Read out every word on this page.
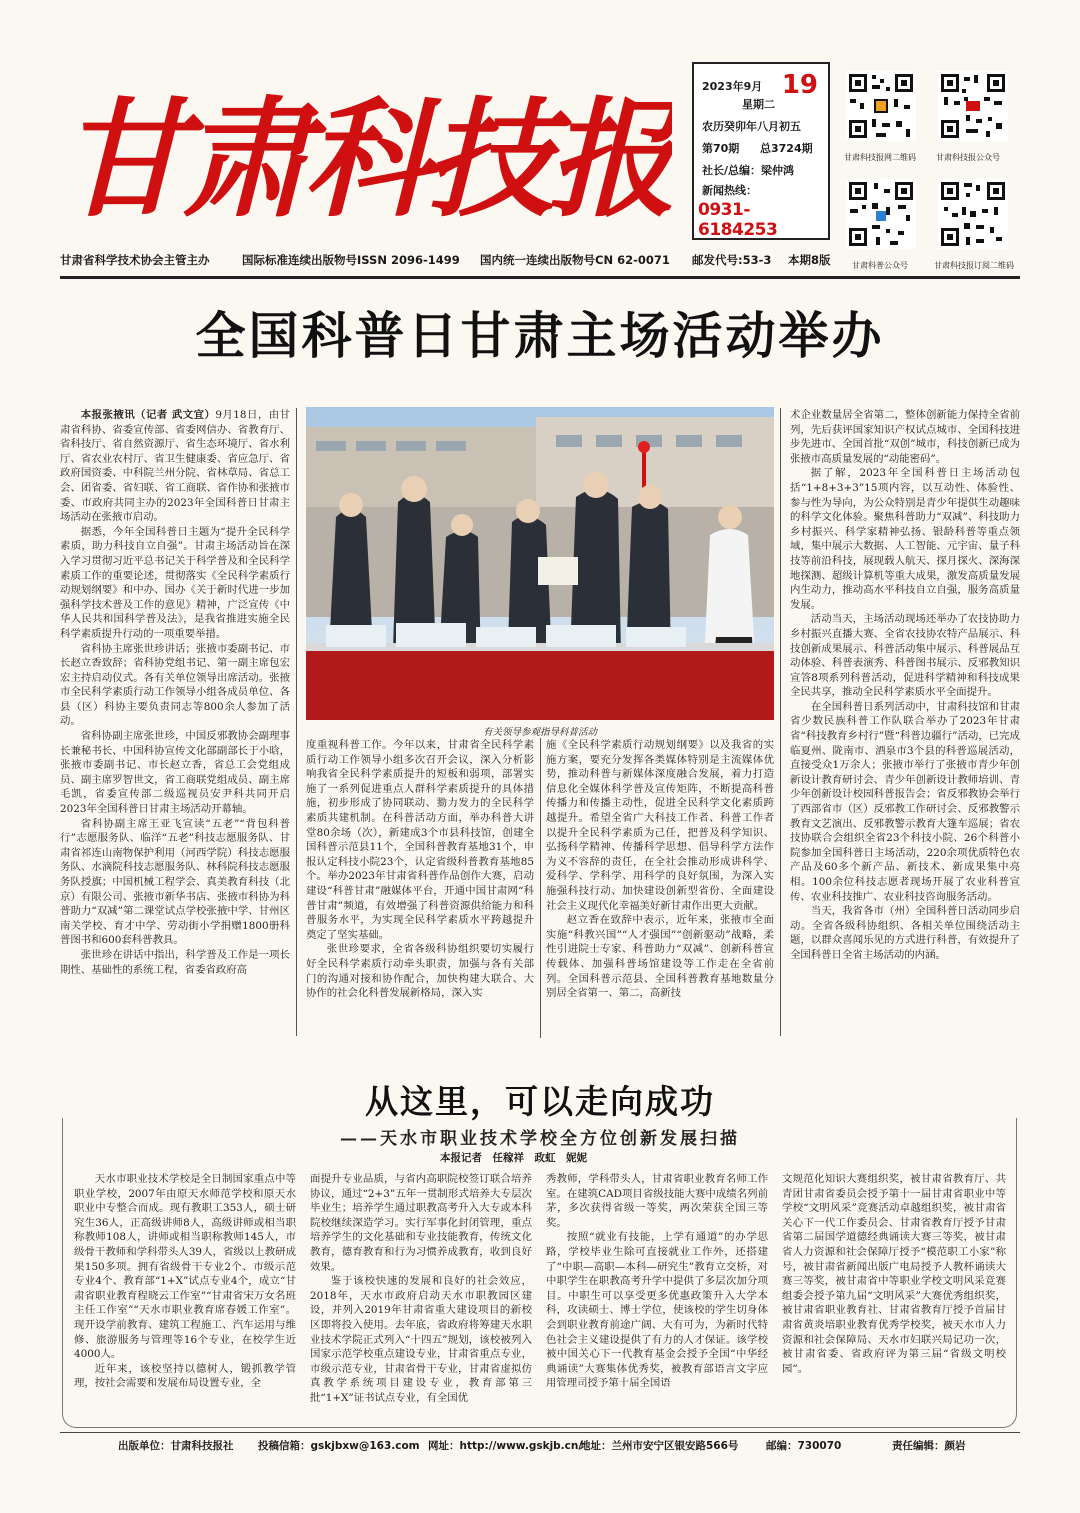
甘肃科技报	2023年9月 19
星期二
农历癸卯年八月初五
第70期 总3724期
社长/总编：梁仲鸿
新闻热线：
0931-6184253
甘肃科技报网二维码	甘肃科技报公众号
甘肃科普公众号	甘肃科技报订阅二维码
甘肃省科学技术协会主管主办	国际标准连续出版物号ISSN 2096-1499 国内统一连续出版物号CN 62-0071 邮发代号:53-3 本期8版
全国科普日甘肃主场活动举办

本报张掖讯（记者 武文宜）9月18日，由甘肃省科协、省委宣传部、省委网信办、省教育厅、省科技厅、省自然资源厅、省生态环境厅、省水利厅、省农业农村厅、省卫生健康委、省应急厅、省政府国资委、中科院兰州分院、省林草局、省总工会、团省委、省妇联、省工商联、省作协和张掖市委、市政府共同主办的2023年全国科普日甘肃主场活动在张掖市启动。

据悉，今年全国科普日主题为“提升全民科学素质，助力科技自立自强”。甘肃主场活动旨在深入学习贯彻习近平总书记关于科学普及和全民科学素质工作的重要论述，贯彻落实《全民科学素质行动规划纲要》和中办、国办《关于新时代进一步加强科学技术普及工作的意见》精神，广泛宣传《中华人民共和国科学普及法》，是我省推进实施全民科学素质提升行动的一项重要举措。

省科协主席张世珍讲话；张掖市委副书记、市长赵立香致辞；省科协党组书记、第一副主席包宏宏主持启动仪式。各有关单位领导出席活动。张掖市全民科学素质行动工作领导小组各成员单位、各县（区）科协主要负责同志等800余人参加了活动。

省科协副主席张世珍，中国反邪教协会副理事长兼秘书长、中国科协宣传文化部副部长于小晗，张掖市委副书记、市长赵立香，省总工会党组成员、副主席罗智世文，省工商联党组成员、副主席毛凯，省委宣传部二级巡视员安尹科共同开启2023年全国科普日甘肃主场活动开幕轴。

省科协副主席王亚飞宣读“五老”“背包科普行”志愿服务队、临洋“五老”科技志愿服务队、甘肃省祁连山南物保护利用（河西学院）科技志愿服务队、水滴院科技志愿服务队、林科院科技志愿服务队授旗；中国机械工程学会、真美教育科技（北京）有限公司、张掖市新华书店、张掖市科协为科普助力“双减”第二课堂试点学校张掖中学、甘州区南关学校、育才中学、劳动街小学捐赠1800册科普图书和600套科普教具。

张世珍在讲话中指出，科学普及工作是一项长期性、基础性的系统工程，省委省政府高

有关领导参观指导科普活动

度重视科普工作。今年以来，甘肃省全民科学素质行动工作领导小组多次召开会议，深入分析影响我省全民科学素质提升的短板和弱项，部署实施了一系列促进重点人群科学素质提升的具体措施，初步形成了协同联动、勠力发力的全民科学素质共建机制。在科普活动方面，举办科普大讲堂80余场（次），新建成3个市县科技馆，创建全国科普示范县11个，全国科普教育基地31个，申报认定科技小院23个，认定省级科普教育基地85个。举办2023年甘肃省科普作品创作大赛，启动建设“科普甘肃”融媒体平台，开通中国甘肃网“科普甘肃”频道，有效增强了科普资源供给能力和科普服务水平，为实现全民科学素质水平跨越提升奠定了坚实基础。

张世珍要求，全省各级科协组织要切实履行好全民科学素质行动牵头职责，加强与各有关部门的沟通对接和协作配合，加快构建大联合、大协作的社会化科普发展新格局，深入实

施《全民科学素质行动规划纲要》以及我省的实施方案，要充分发挥各类媒体特别是主流媒体优势，推动科普与新媒体深度融合发展，着力打造信息化全媒体科学普及宣传矩阵，不断提高科普传播力和传播主动性，促进全民科学文化素质跨越提升。希望全省广大科技工作者、科普工作者以提升全民科学素质为己任，把普及科学知识、弘扬科学精神、传播科学思想、倡导科学方法作为义不容辞的责任，在全社会推动形成讲科学、爱科学、学科学、用科学的良好氛围，为深入实施强科技行动、加快建设创新型省份、全面建设社会主义现代化幸福美好新甘肃作出更大贡献。

赵立香在致辞中表示，近年来，张掖市全面实施“科教兴国”“人才强国”“创新驱动”战略，柔性引进院士专家、科普助力“双减”、创新科普宣传载体、加强科普场馆建设等工作走在全省前列。全国科普示范县、全国科普教育基地数量分别居全省第一、第二，高新技

术企业数量居全省第二，整体创新能力保持全省前列，先后获评国家知识产权试点城市、全国科技进步先进市、全国首批“双创”城市，科技创新已成为张掖市高质量发展的“动能密码”。

据了解，2023年全国科普日主场活动包括“1+8+3+3”15项内容，以互动性、体验性、参与性为导向，为公众特别是青少年提供生动趣味的科学文化体验。聚焦科普助力“双减”、科技助力乡村振兴、科学家精神弘扬、银龄科普等重点领域，集中展示大数据、人工智能、元宇宙、量子科技等前沿科技，展现载人航天、探月探火、深海深地探测、超级计算机等重大成果，激发高质量发展内生动力，推动高水平科技自立自强，服务高质量发展。

活动当天，主场活动现场还举办了农技协助力乡村振兴直播大赛、全省农技协农特产品展示、科技创新成果展示、科普活动集中展示、科普展品互动体验、科普表演秀、科普图书展示、反邪教知识宣答8项系列科普活动，促进科学精神和科技成果全民共享，推动全民科学素质水平全面提升。

在全国科普日系列活动中，甘肃科技馆和甘肃省少数民族科普工作队联合举办了2023年甘肃省“科技教育乡村行”暨“科普边疆行”活动，已完成临夏州、陇南市、酒泉市3个县的科普巡展活动，直接受众1万余人；张掖市举行了张掖市青少年创新设计教育研讨会、青少年创新设计教师培训、青少年创新设计校园科普报告会；省反邪教协会举行了西部省市（区）反邪教工作研讨会、反邪教警示教育文艺演出、反邪教警示教育大篷车巡展；省农技协联合会组织全省23个科技小院、26个科普小院参加全国科普日主场活动，220余项优质特色农产品及60多个新产品、新技术、新成果集中亮相。100余位科技志愿者现场开展了农业科普宣传、农业科技推广、农业科技咨询服务活动。

当天，我省各市（州）全国科普日活动同步启动。全省各级科协组织、各相关单位围绕活动主题，以群众喜闻乐见的方式进行科普，有效提升了全国科普日全省主场活动的内涵。

从这里，可以走向成功
——天水市职业技术学校全方位创新发展扫描
本报记者　任稼祥　政虹　妮妮

天水市职业技术学校是全日制国家重点中等职业学校，2007年由原天水师范学校和原天水职业中专整合而成。现有教职工353人，硕士研究生36人，正高级讲师8人，高级讲师或相当职称教师108人，讲师或相当职称教师145人，市级骨干教师和学科带头人39人，省级以上教研成果150多项。拥有省级骨干专业2个、市级示范专业4个、教育部“1+X”试点专业4个，成立“甘肃省职业教育程晓云工作室”“甘肃省宋万女名班主任工作室”“天水市职业教育席春媛工作室”。现开设学前教育、建筑工程施工、汽车运用与维修、旅游服务与管理等16个专业，在校学生近4000人。

近年来，该校坚持以德树人，锻抓教学管理，按社会需要和发展布局设置专业，全

面提升专业品质，与省内高职院校签订联合培养协议，通过“2+3”五年一贯制形式培养大专层次毕业生；培养学生通过职教高考升入大专或本科院校继续深造学习。实行军事化封闭管理，重点培养学生的文化基础和专业技能教育，传统文化教育，德育教育和行为习惯养成教育，收到良好效果。

鉴于该校快速的发展和良好的社会效应，2018年，天水市政府启动天水市职教园区建设，并列入2019年甘肃省重大建设项目的新校区即将投入使用。去年底，省政府将筹建天水职业技术学院正式列入“十四五”规划，该校被列入国家示范学校重点建设专业，甘肃省重点专业，市级示范专业，甘肃省骨干专业，甘肃省虚拟仿真教学系统项目建设专业，教育部第三批“1+X”证书试点专业，有全国优

秀教师，学科带头人，甘肃省职业教育名师工作室。在建筑CAD项目省级技能大赛中成绩名列前茅，多次获得省级一等奖，两次荣获全国三等奖。

按照“就业有技能，上学有通道”的办学思路，学校毕业生除可直接就业工作外，还搭建了“中职—高职—本科—研究生”教育立交桥，对中职学生在职教高考升学中提供了多层次加分项目。中职生可以享受更多优惠政策升入大学本科，攻读硕士、博士学位，使该校的学生切身体会到职业教育前途广阔、大有可为，为新时代特色社会主义建设提供了有力的人才保证。该学校被中国关心下一代教育基金会授予全国“中华经典诵读”大赛集体优秀奖，被教育部语言文字应用管理司授予第十届全国语

文规范化知识大赛组织奖，被甘肃省教育厅、共青团甘肃省委员会授予第十一届甘肃省职业中等学校“文明风采”竞赛活动卓越组织奖，被甘肃省关心下一代工作委员会、甘肃省教育厅授予甘肃省第二届国学道德经典诵读大赛三等奖，被甘肃省人力资源和社会保障厅授予“模范职工小家”称号，被甘肃省新闻出版广电局授予人教杯诵读大赛三等奖，被甘肃省中等职业学校文明风采竞赛组委会授予第九届“文明风采”大赛优秀组织奖，被甘肃省职业教育社、甘肃省教育厅授予首届甘肃省黄炎培职业教育优秀学校奖，被天水市人力资源和社会保障局、天水市妇联兴局记功一次，被甘肃省委、省政府评为第三届“省级文明校园”。

出版单位：甘肃科技报社 投稿信箱：gskjbxw@163.com 网址：http://www.gskjb.cn/
地址：兰州市安宁区银安路566号	邮编：730070	责任编辑：颜岩
